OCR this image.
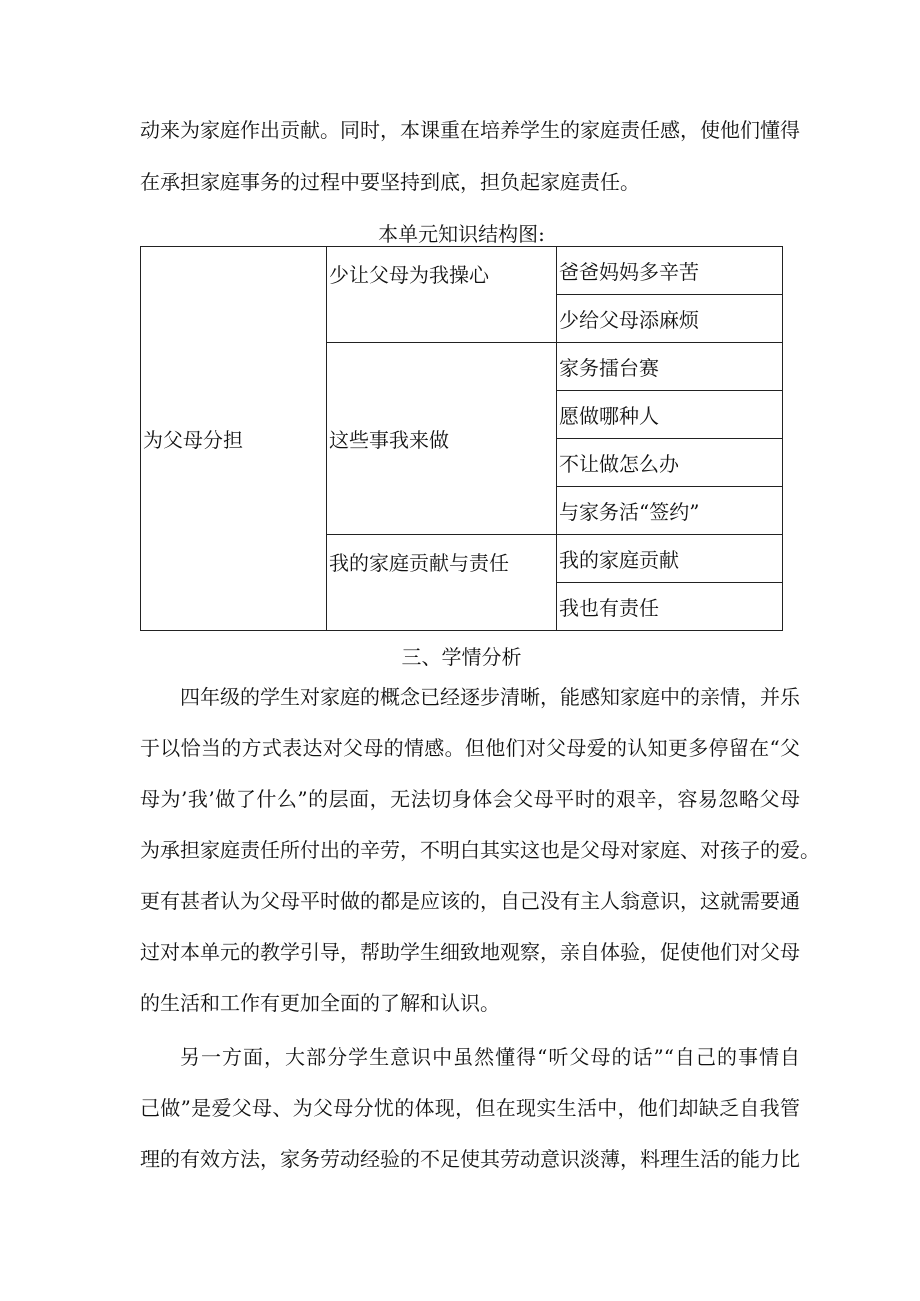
动来为家庭作出贡献。同时，本课重在培养学生的家庭责任感，使他们懂得
在承担家庭事务的过程中要坚持到底，担负起家庭责任。
本单元知识结构图:
为父母分担	少让父母为我操心	爸爸妈妈多辛苦
		少给父母添麻烦
	这些事我来做	家务擂台赛
		愿做哪种人
		不让做怎么办
		与家务活“签约”
	我的家庭贡献与责任	我的家庭贡献
		我也有责任
三、学情分析
四年级的学生对家庭的概念已经逐步清晰，能感知家庭中的亲情，并乐
于以恰当的方式表达对父母的情感。但他们对父母爱的认知更多停留在“父
母为’我’做了什么”的层面，无法切身体会父母平时的艰辛，容易忽略父母
为承担家庭责任所付出的辛劳，不明白其实这也是父母对家庭、对孩子的爱。
更有甚者认为父母平时做的都是应该的，自己没有主人翁意识，这就需要通
过对本单元的教学引导，帮助学生细致地观察，亲自体验，促使他们对父母
的生活和工作有更加全面的了解和认识。
另一方面，大部分学生意识中虽然懂得“听父母的话”“自己的事情自
己做”是爱父母、为父母分忧的体现，但在现实生活中，他们却缺乏自我管
理的有效方法，家务劳动经验的不足使其劳动意识淡薄，料理生活的能力比
